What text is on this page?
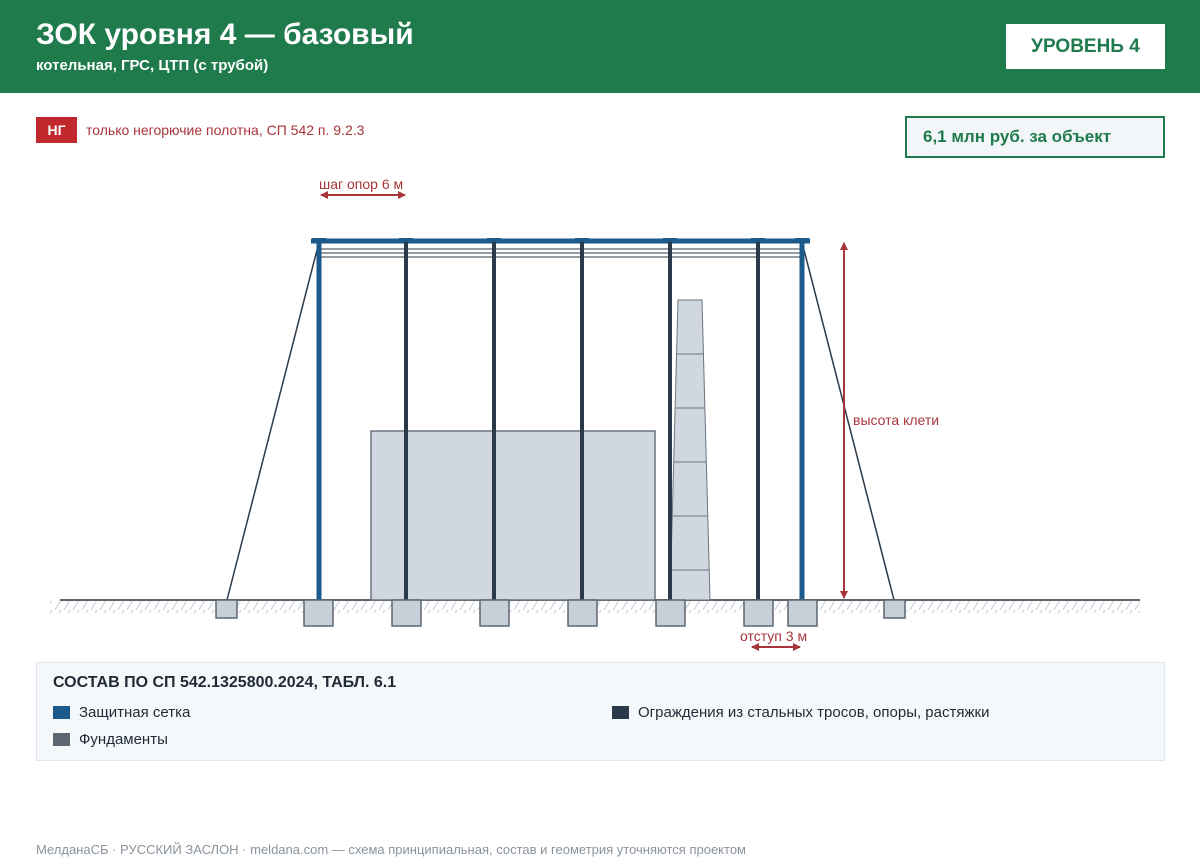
ЗОК уровня 4 — базовый
котельная, ГРС, ЦТП (с трубой)
УРОВЕНЬ 4
НГ	только негорючие полотна, СП 542 п. 9.2.3	6,1 млн руб. за объект
шаг опор 6 м
высота клети
отступ 3 м
СОСТАВ ПО СП 542.1325800.2024, ТАБЛ. 6.1
Защитная сетка	Ограждения из стальных тросов, опоры, растяжки
Фундаменты
МелданаСБ · РУССКИЙ ЗАСЛОН · meldana.com — схема принципиальная, состав и геометрия уточняются проектом
